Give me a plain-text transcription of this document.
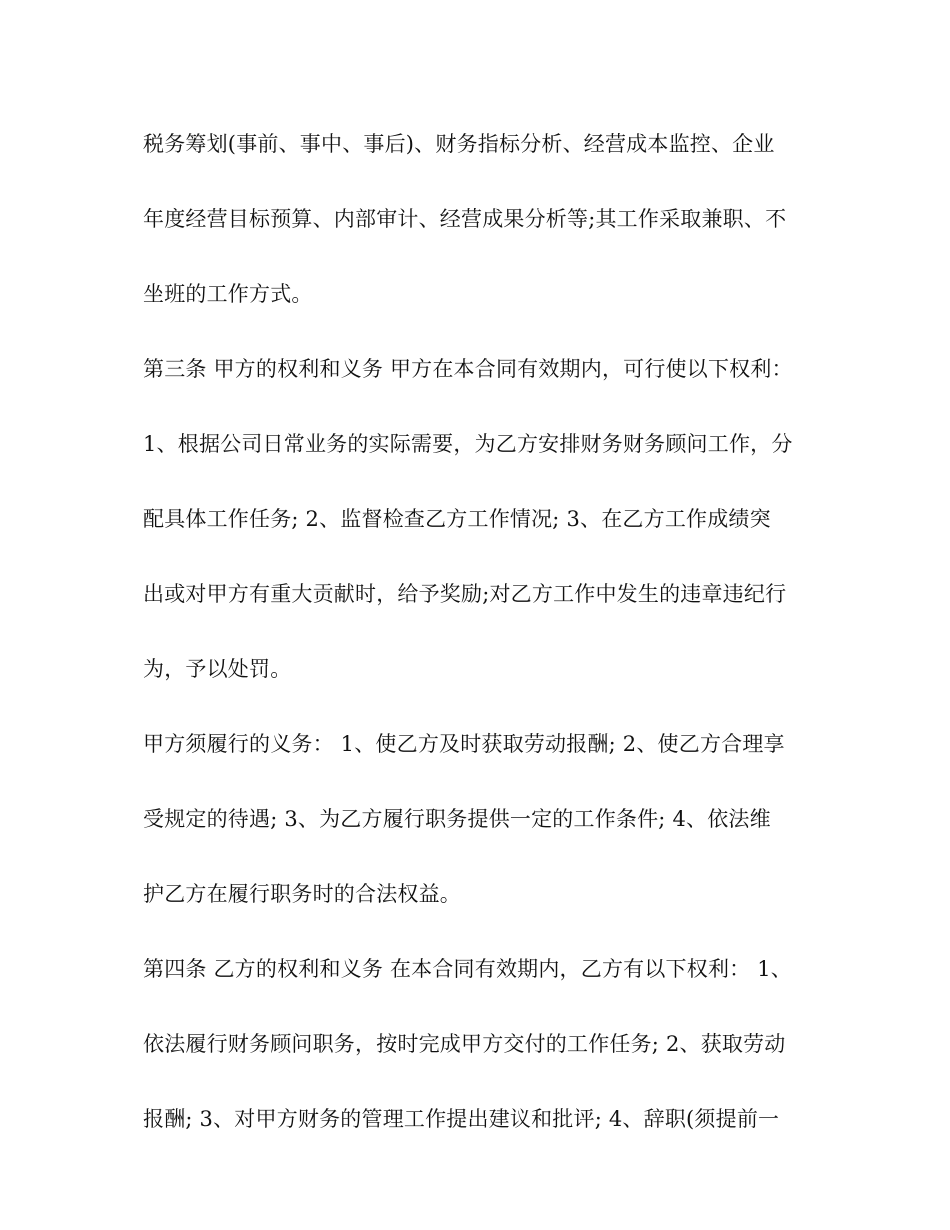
税务筹划(事前、事中、事后)、财务指标分析、经营成本监控、企业
年度经营目标预算、内部审计、经营成果分析等;其工作采取兼职、不
坐班的工作方式。
第三条 甲方的权利和义务 甲方在本合同有效期内，可行使以下权利：
1、根据公司日常业务的实际需要，为乙方安排财务财务顾问工作，分
配具体工作任务; 2、监督检查乙方工作情况; 3、在乙方工作成绩突
出或对甲方有重大贡献时，给予奖励;对乙方工作中发生的违章违纪行
为，予以处罚。
甲方须履行的义务： 1、使乙方及时获取劳动报酬; 2、使乙方合理享
受规定的待遇; 3、为乙方履行职务提供一定的工作条件; 4、依法维
护乙方在履行职务时的合法权益。
第四条 乙方的权利和义务 在本合同有效期内，乙方有以下权利： 1、
依法履行财务顾问职务，按时完成甲方交付的工作任务; 2、获取劳动
报酬; 3、对甲方财务的管理工作提出建议和批评; 4、辞职(须提前一
